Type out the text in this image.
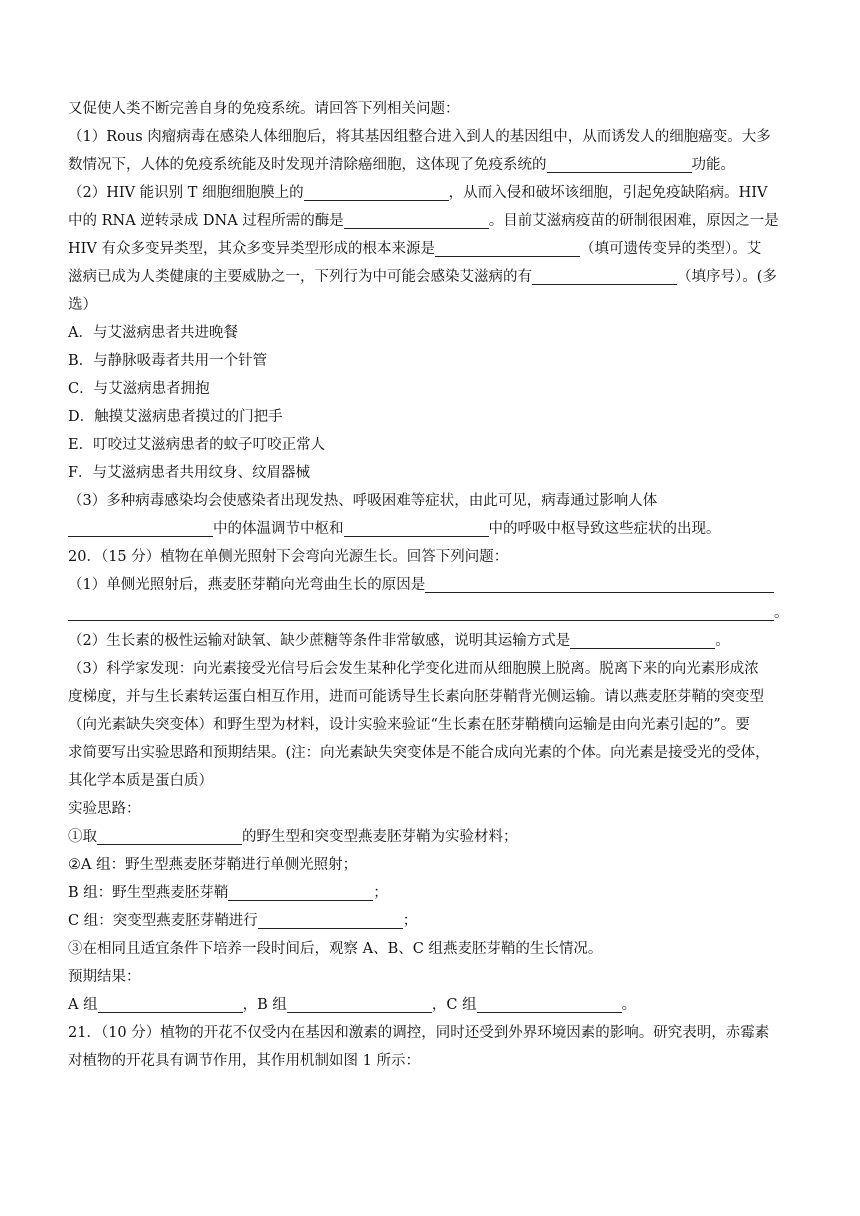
又促使人类不断完善自身的免疫系统。请回答下列相关问题：
（1）Rous 肉瘤病毒在感染人体细胞后，将其基因组整合进入到人的基因组中，从而诱发人的细胞癌变。大多
数情况下，人体的免疫系统能及时发现并清除癌细胞，这体现了免疫系统的	功能。
（2）HIV 能识别 T 细胞细胞膜上的	，从而入侵和破坏该细胞，引起免疫缺陷病。HIV
中的 RNA 逆转录成 DNA 过程所需的酶是	。目前艾滋病疫苗的研制很困难，原因之一是
HIV 有众多变异类型，其众多变异类型形成的根本来源是	（填可遗传变异的类型）。艾
滋病已成为人类健康的主要威胁之一，下列行为中可能会感染艾滋病的有	（填序号）。(多
选）
A．与艾滋病患者共进晚餐
B．与静脉吸毒者共用一个针管
C．与艾滋病患者拥抱
D．触摸艾滋病患者摸过的门把手
E．叮咬过艾滋病患者的蚊子叮咬正常人
F．与艾滋病患者共用纹身、纹眉器械
（3）多种病毒感染均会使感染者出现发热、呼吸困难等症状，由此可见，病毒通过影响人体
中的体温调节中枢和	中的呼吸中枢导致这些症状的出现。
20．（15 分）植物在单侧光照射下会弯向光源生长。回答下列问题：
（1）单侧光照射后，燕麦胚芽鞘向光弯曲生长的原因是
。
（2）生长素的极性运输对缺氧、缺少蔗糖等条件非常敏感，说明其运输方式是	。
（3）科学家发现：向光素接受光信号后会发生某种化学变化进而从细胞膜上脱离。脱离下来的向光素形成浓
度梯度，并与生长素转运蛋白相互作用，进而可能诱导生长素向胚芽鞘背光侧运输。请以燕麦胚芽鞘的突变型
（向光素缺失突变体）和野生型为材料，设计实验来验证“生长素在胚芽鞘横向运输是由向光素引起的”。要
求简要写出实验思路和预期结果。(注：向光素缺失突变体是不能合成向光素的个体。向光素是接受光的受体，
其化学本质是蛋白质）
实验思路：
①取	的野生型和突变型燕麦胚芽鞘为实验材料；
②A 组：野生型燕麦胚芽鞘进行单侧光照射；
B 组：野生型燕麦胚芽鞘	；
C 组：突变型燕麦胚芽鞘进行	；
③在相同且适宜条件下培养一段时间后，观察 A、B、C 组燕麦胚芽鞘的生长情况。
预期结果：
A 组	，B 组	，C 组	。
21．（10 分）植物的开花不仅受内在基因和激素的调控，同时还受到外界环境因素的影响。研究表明，赤霉素
对植物的开花具有调节作用，其作用机制如图 1 所示：
